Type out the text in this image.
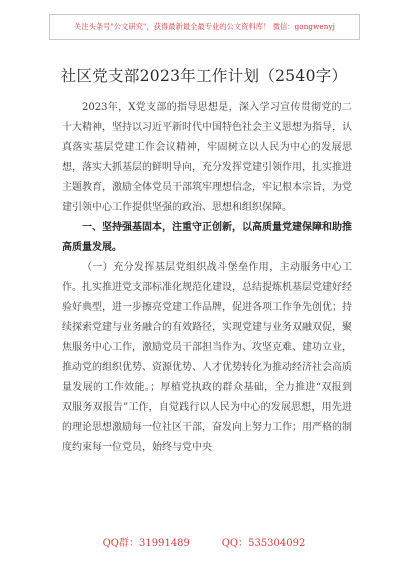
关注头条号"公文研究"，获得最新最全最专业的公文资料库！ 微信：gongwenyj
社区党支部2023年工作计划（2540字）

2023年，X党支部的指导思想是，深入学习宣传贯彻党的二十大精神，坚持以习近平新时代中国特色社会主义思想为指导，认真落实基层党建工作会议精神，牢固树立以人民为中心的发展思想，落实大抓基层的鲜明导向，充分发挥党建引领作用，扎实推进主题教育，激励全体党员干部筑牢理想信念，牢记根本宗旨，为党建引领中心工作提供坚强的政治、思想和组织保障。

一、坚持强基固本，注重守正创新，以高质量党建保障和助推高质量发展。

（一）充分发挥基层党组织战斗堡垒作用，主动服务中心工作。扎实推进党支部标准化规范化建设，总结提炼机基层党建好经验好典型，进一步擦亮党建工作品牌，促进各项工作争先创优；持续探索党建与业务融合的有效路径，实现党建与业务双融双促，聚焦服务中心工作，激励党员干部担当作为、攻坚克难、建功立业，推动党的组织优势、资源优势、人才优势转化为推动经济社会高质量发展的工作效能。；厚植党执政的群众基础，全力推进“双报到双服务双报告”工作，自觉践行以人民为中心的发展思想，用先进的理论思想激励每一位社区干部，奋发向上努力工作；用严格的制度约束每一位党员，始终与党中央

QQ群：31991489	QQ：535304092
